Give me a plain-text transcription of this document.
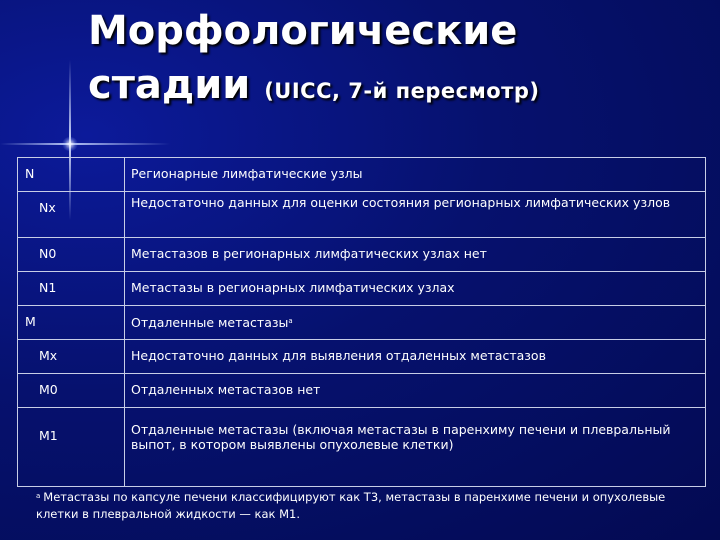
Морфологические
стадии (UICC, 7-й пересмотр)
N	Регионарные лимфатические узлы
Nx	Недостаточно данных для оценки состояния регионарных лимфатических узлов
N0	Метастазов в регионарных лимфатических узлах нет
N1	Метастазы в регионарных лимфатических узлах
M	Отдаленные метастазы$^a$
Mx	Недостаточно данных для выявления отдаленных метастазов
M0	Отдаленных метастазов нет
M1	Отдаленные метастазы (включая метастазы в паренхиму печени и плевральный выпот, в котором выявлены опухолевые клетки)
$^a$ Метастазы по капсуле печени классифицируют как T3, метастазы в паренхиме печени и опухолевые клетки в плевральной жидкости — как M1.
